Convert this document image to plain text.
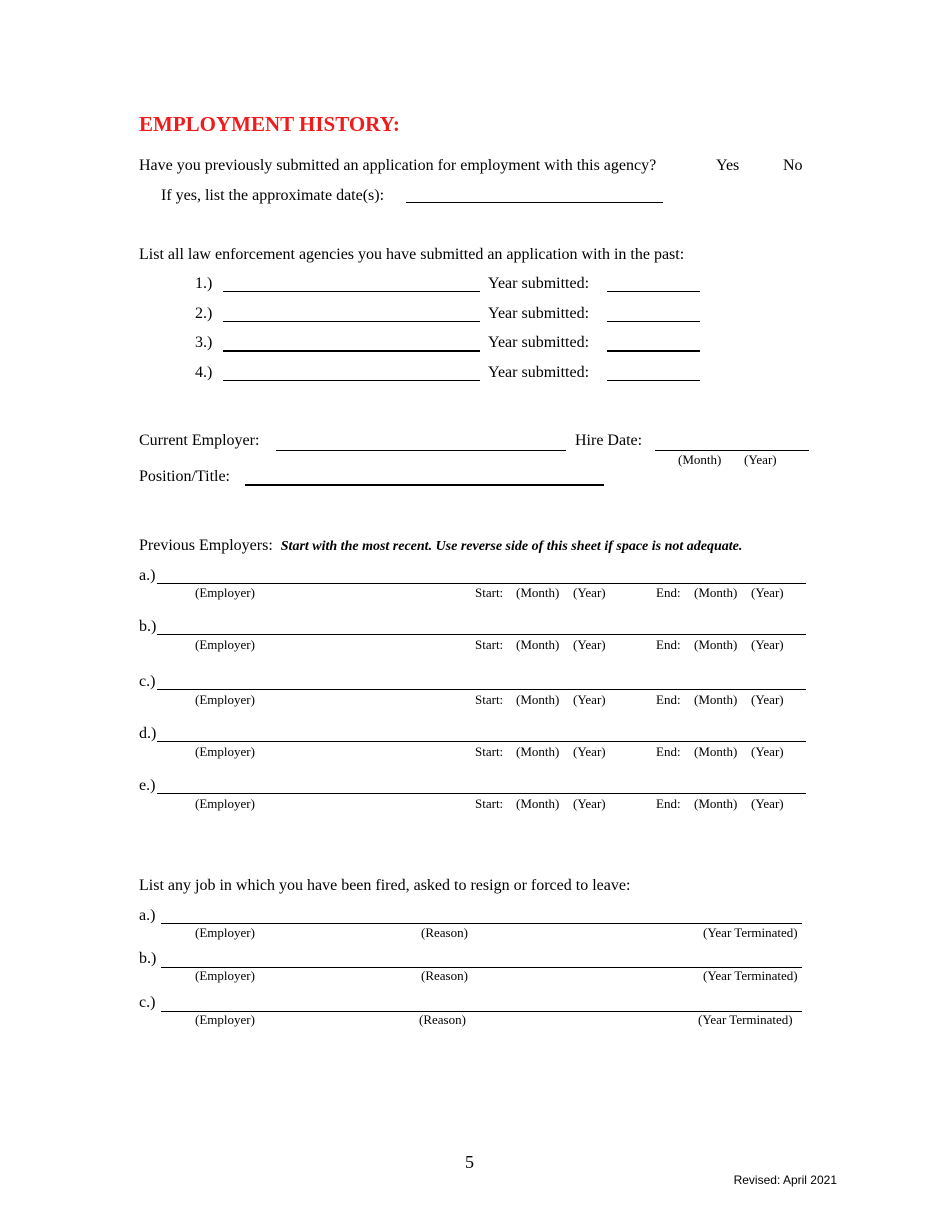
EMPLOYMENT HISTORY:
Have you previously submitted an application for employment with this agency?	Yes	No
If yes, list the approximate date(s):
List all law enforcement agencies you have submitted an application with in the past:
1.)	Year submitted:
2.)	Year submitted:
3.)	Year submitted:
4.)	Year submitted:
Current Employer:	Hire Date:
(Month) (Year)
Position/Title:
Previous Employers: Start with the most recent. Use reverse side of this sheet if space is not adequate.
a.)
(Employer)	Start: (Month) (Year)	End: (Month) (Year)
b.)
(Employer)	Start: (Month) (Year)	End: (Month) (Year)
c.)
(Employer)	Start: (Month) (Year)	End: (Month) (Year)
d.)
(Employer)	Start: (Month) (Year)	End: (Month) (Year)
e.)
(Employer)	Start: (Month) (Year)	End: (Month) (Year)
List any job in which you have been fired, asked to resign or forced to leave:
a.)
(Employer)	(Reason)	(Year Terminated)
b.)
(Employer)	(Reason)	(Year Terminated)
c.)
(Employer)	(Reason)	(Year Terminated)
5
Revised: April 2021
